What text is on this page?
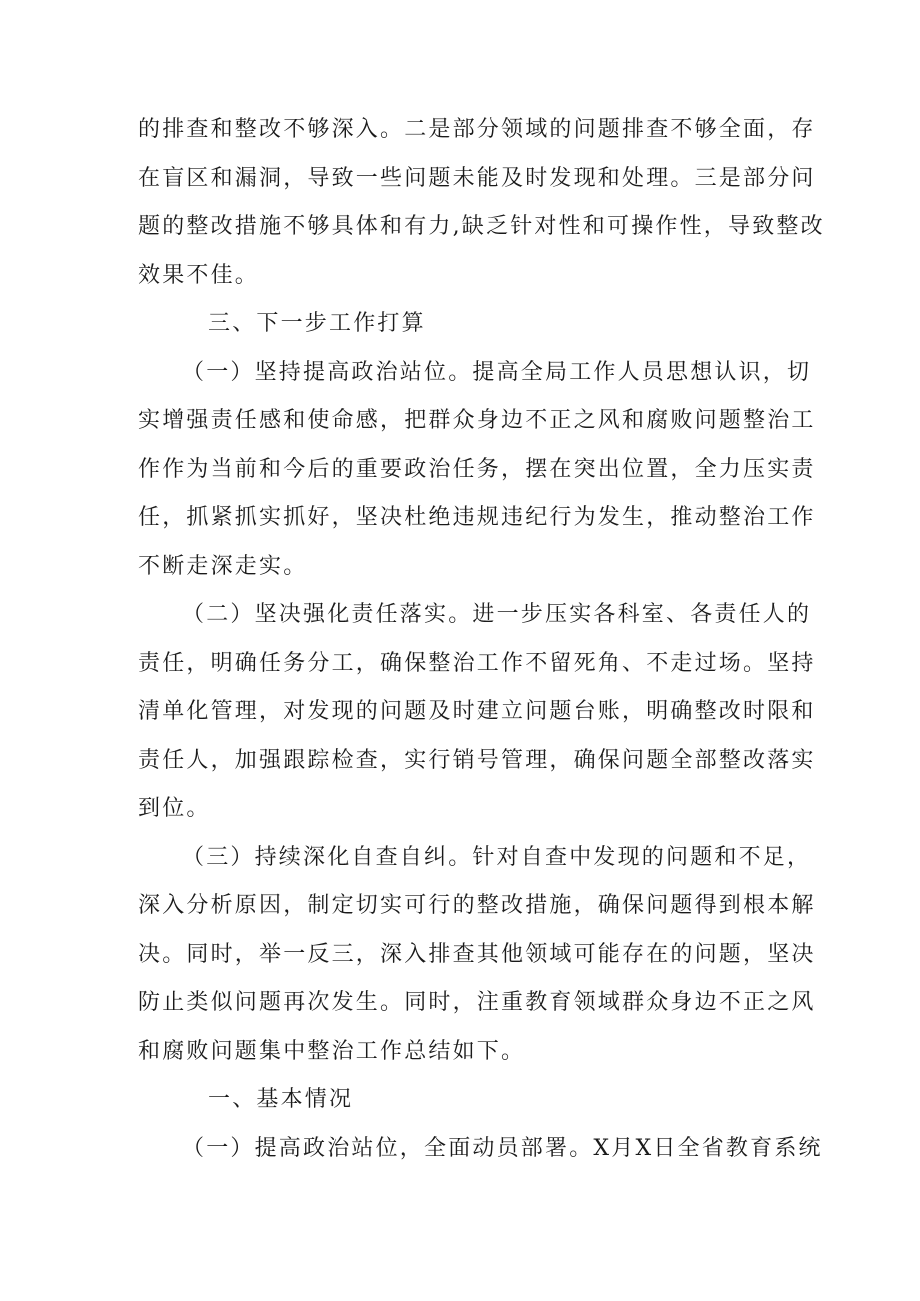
的排查和整改不够深入。二是部分领域的问题排查不够全面，存
在盲区和漏洞，导致一些问题未能及时发现和处理。三是部分问
题的整改措施不够具体和有力,缺乏针对性和可操作性，导致整改
效果不佳。
三、下一步工作打算
（一）坚持提高政治站位。提高全局工作人员思想认识，切
实增强责任感和使命感，把群众身边不正之风和腐败问题整治工
作作为当前和今后的重要政治任务，摆在突出位置，全力压实责
任，抓紧抓实抓好，坚决杜绝违规违纪行为发生，推动整治工作
不断走深走实。
（二）坚决强化责任落实。进一步压实各科室、各责任人的
责任，明确任务分工，确保整治工作不留死角、不走过场。坚持
清单化管理，对发现的问题及时建立问题台账，明确整改时限和
责任人，加强跟踪检查，实行销号管理，确保问题全部整改落实
到位。
（三）持续深化自查自纠。针对自查中发现的问题和不足，
深入分析原因，制定切实可行的整改措施，确保问题得到根本解
决。同时，举一反三，深入排查其他领域可能存在的问题，坚决
防止类似问题再次发生。同时，注重教育领域群众身边不正之风
和腐败问题集中整治工作总结如下。
一、基本情况
（一）提高政治站位，全面动员部署。X月X日全省教育系统
